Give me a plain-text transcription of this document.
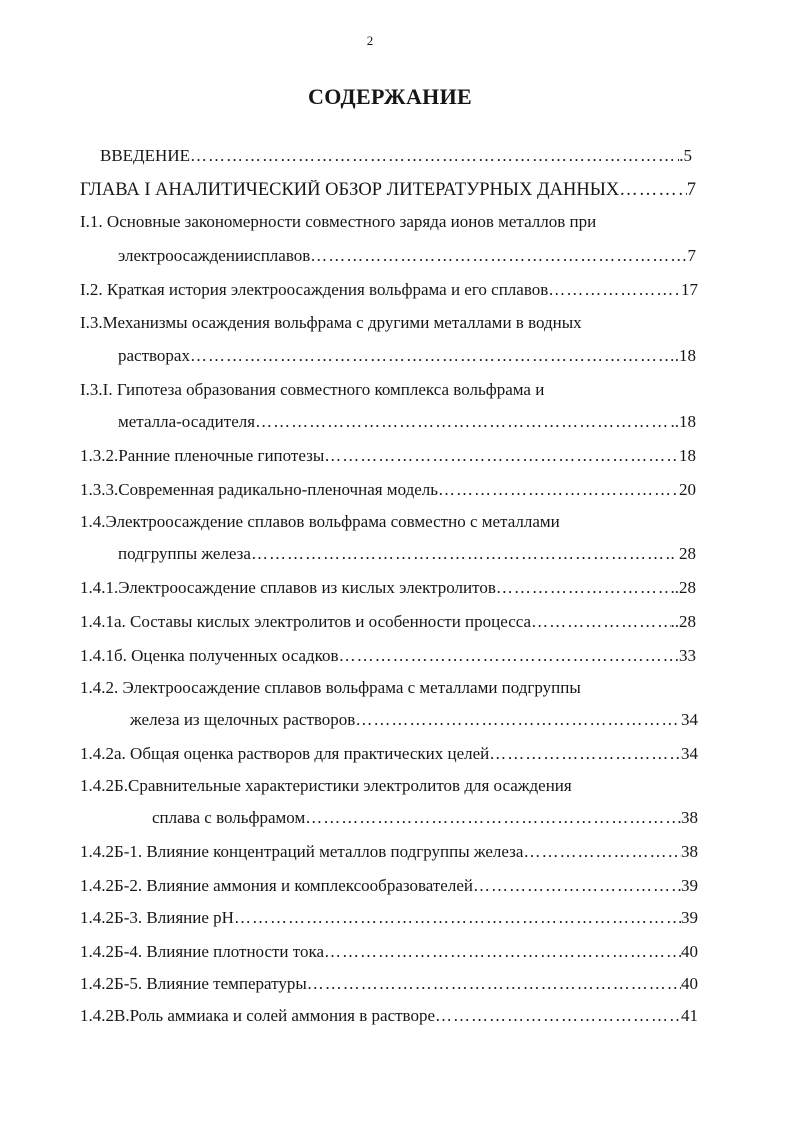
2
СОДЕРЖАНИЕ
ВВЕДЕНИЕ ……………………………………………………………………………………………………………………………………………………………………………………	.5
ГЛАВА I АНАЛИТИЧЕСКИЙ ОБЗОР ЛИТЕРАТУРНЫХ ДАННЫХ ……………………………………………………………………………………………………………………………………………………………………………………	7
I.1. Основные закономерности совместного заряда ионов металлов при
электроосаждениисплавов ……………………………………………………………………………………………………………………………………………………………………………………	7
I.2. Краткая история электроосаждения вольфрама и его сплавов ……………………………………………………………………………………………………………………………………………………………………………………	17
I.3.Механизмы осаждения вольфрама с другими металлами в водных
растворах ……………………………………………………………………………………………………………………………………………………………………………………	.18
I.3.I. Гипотеза образования совместного комплекса вольфрама и
металла-осадителя ……………………………………………………………………………………………………………………………………………………………………………………	..18
1.3.2.Ранние пленочные гипотезы ……………………………………………………………………………………………………………………………………………………………………………………	18
1.3.3.Современная радикально-пленочная модель ……………………………………………………………………………………………………………………………………………………………………………………	20
1.4.Электроосаждение сплавов вольфрама совместно с металлами
подгруппы железа ……………………………………………………………………………………………………………………………………………………………………………………	. 28
1.4.1.Электроосаждение сплавов из кислых электролитов ……………………………………………………………………………………………………………………………………………………………………………………	..28
1.4.1а. Составы кислых электролитов и особенности процесса ……………………………………………………………………………………………………………………………………………………………………………………	..28
1.4.1б. Оценка полученных осадков ……………………………………………………………………………………………………………………………………………………………………………………	33
1.4.2. Электроосаждение сплавов вольфрама с металлами подгруппы
железа из щелочных растворов ……………………………………………………………………………………………………………………………………………………………………………………	34
1.4.2а. Общая оценка растворов для практических целей ……………………………………………………………………………………………………………………………………………………………………………………	34
1.4.2Б.Сравнительные характеристики электролитов для осаждения
сплава с вольфрамом ……………………………………………………………………………………………………………………………………………………………………………………	38
1.4.2Б-1. Влияние концентраций металлов подгруппы железа ……………………………………………………………………………………………………………………………………………………………………………………	38
1.4.2Б-2. Влияние аммония и комплексообразователей ……………………………………………………………………………………………………………………………………………………………………………………	39
1.4.2Б-3. Влияние pH ……………………………………………………………………………………………………………………………………………………………………………………	39
1.4.2Б-4. Влияние плотности тока ……………………………………………………………………………………………………………………………………………………………………………………	40
1.4.2Б-5. Влияние температуры ……………………………………………………………………………………………………………………………………………………………………………………	40
1.4.2В.Роль аммиака и солей аммония в растворе ……………………………………………………………………………………………………………………………………………………………………………………	41
